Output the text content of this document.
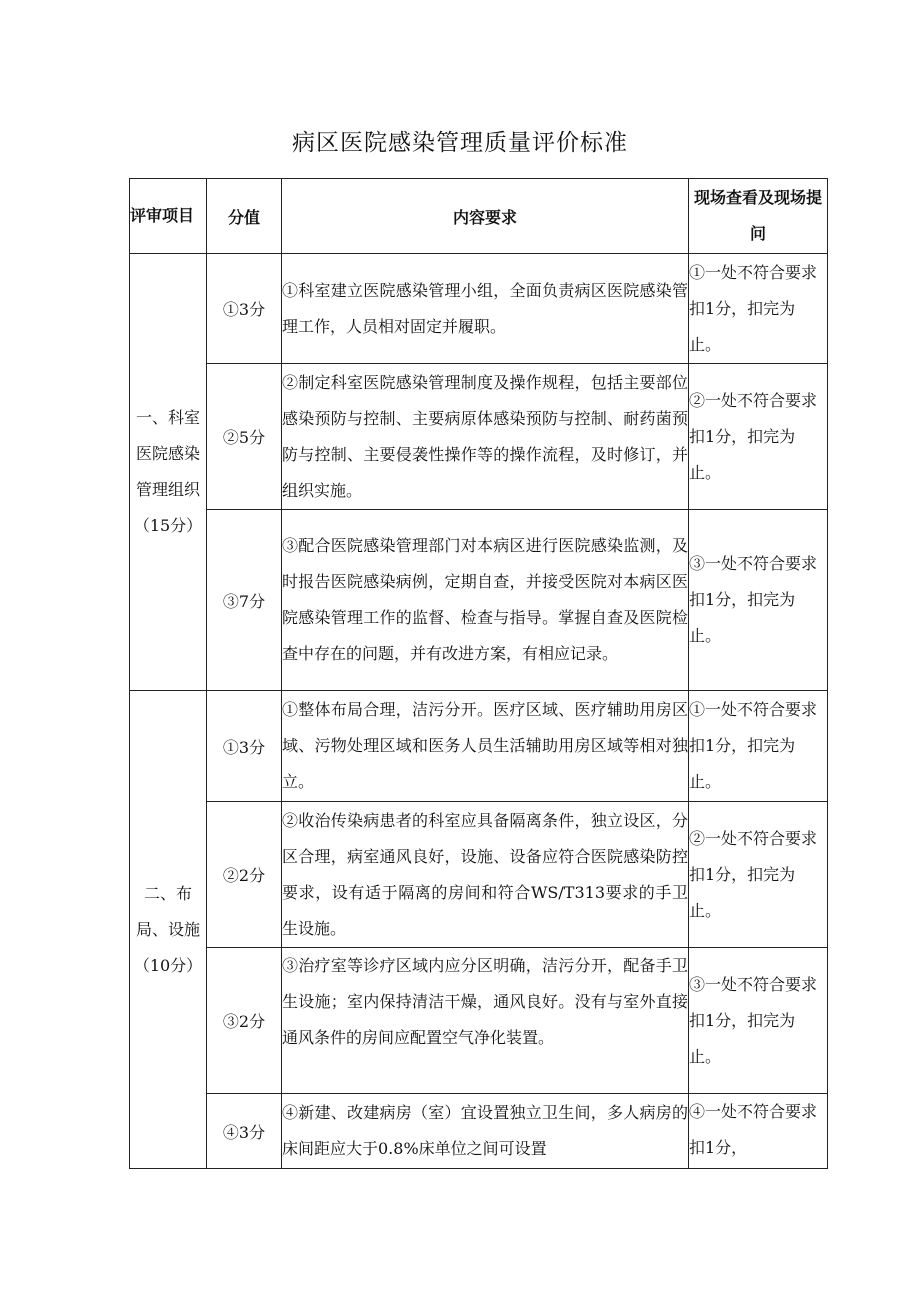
病区医院感染管理质量评价标准
评审项目	分值	内容要求	现场查看及现场提问
一、科室医院感染管理组织（15分）	①3分	①科室建立医院感染管理小组，全面负责病区医院感染管理工作，人员相对固定并履职。	①一处不符合要求扣1分，扣完为止。
	②5分	②制定科室医院感染管理制度及操作规程，包括主要部位感染预防与控制、主要病原体感染预防与控制、耐药菌预防与控制、主要侵袭性操作等的操作流程，及时修订，并组织实施。	②一处不符合要求扣1分，扣完为止。
	③7分	③配合医院感染管理部门对本病区进行医院感染监测，及时报告医院感染病例，定期自查，并接受医院对本病区医院感染管理工作的监督、检查与指导。掌握自查及医院检查中存在的问题，并有改进方案，有相应记录。	③一处不符合要求扣1分，扣完为止。
二、布局、设施（10分）	①3分	①整体布局合理，洁污分开。医疗区域、医疗辅助用房区域、污物处理区域和医务人员生活辅助用房区域等相对独立。	①一处不符合要求扣1分，扣完为止。
	②2分	②收治传染病患者的科室应具备隔离条件，独立设区，分区合理，病室通风良好，设施、设备应符合医院感染防控要求，设有适于隔离的房间和符合WS/T313要求的手卫生设施。	②一处不符合要求扣1分，扣完为止。
	③2分	③治疗室等诊疗区域内应分区明确，洁污分开，配备手卫生设施；室内保持清洁干燥，通风良好。没有与室外直接通风条件的房间应配置空气净化装置。	③一处不符合要求扣1分，扣完为止。
	④3分	④新建、改建病房（室）宜设置独立卫生间，多人病房的床间距应大于0.8%床单位之间可设置	④一处不符合要求扣1分，
